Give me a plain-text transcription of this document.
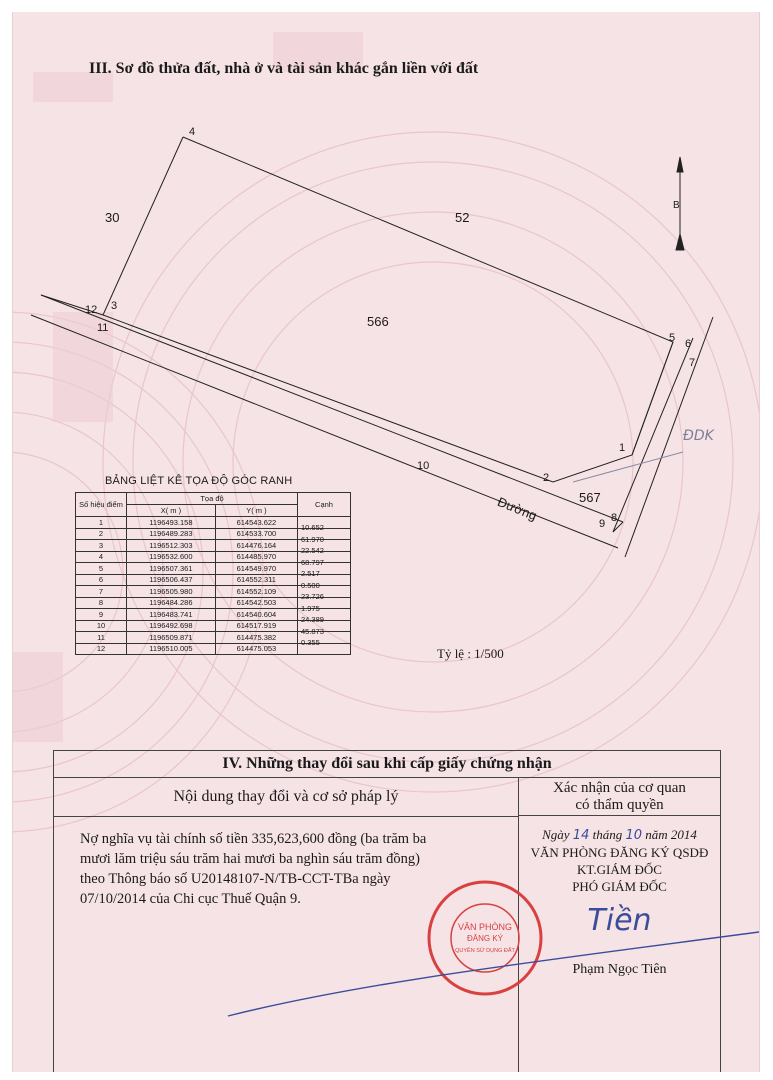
III. Sơ đồ thửa đất, nhà ở và tài sản khác gắn liền với đất
4
3
12
11
5 6
7
1
2
10
8
9
566
52
30
567
Đường
B
ĐDK
Tỷ lệ : 1/500
BẢNG LIỆT KÊ TỌA ĐỘ GÓC RANH
Số hiệu điểm	Tọa độ		Cạnh
	X( m )	Y( m )	
1	1196493.158	614543.622	10.652

2	1196489.283	614533.700	61.970

3	1196512.303	614476.164	22.542

4	1196532.600	614485.970	68.797

5	1196507.361	614549.970	2.517

6	1196506.437	614552.311	0.500

7	1196505.980	614552.109	23.726

8	1196484.286	614542.503	1.975

9	1196483.741	614540.604	24.389

10	1196492.698	614517.919	45.873

11	1196509.871	614475.382	0.355

12	1196510.005	614475.053	
IV. Những thay đổi sau khi cấp giấy chứng nhận
Nội dung thay đổi và cơ sở pháp lý
Nợ nghĩa vụ tài chính số tiền 335,623,600 đồng (ba trăm ba
mươi lăm triệu sáu trăm hai mươi ba nghìn sáu trăm đồng)
theo Thông báo số U20148107-N/TB-CCT-TBa ngày
07/10/2014 của Chi cục Thuế Quận 9.
Xác nhận của cơ quan
có thẩm quyền
Ngày 14 tháng 10 năm 2014
VĂN PHÒNG ĐĂNG KÝ QSDĐ
KT.GIÁM ĐỐC
PHÓ GIÁM ĐỐC
Tiền
Phạm Ngọc Tiên
VĂN PHÒNG
ĐĂNG KÝ
QUYỀN SỬ DỤNG ĐẤT
